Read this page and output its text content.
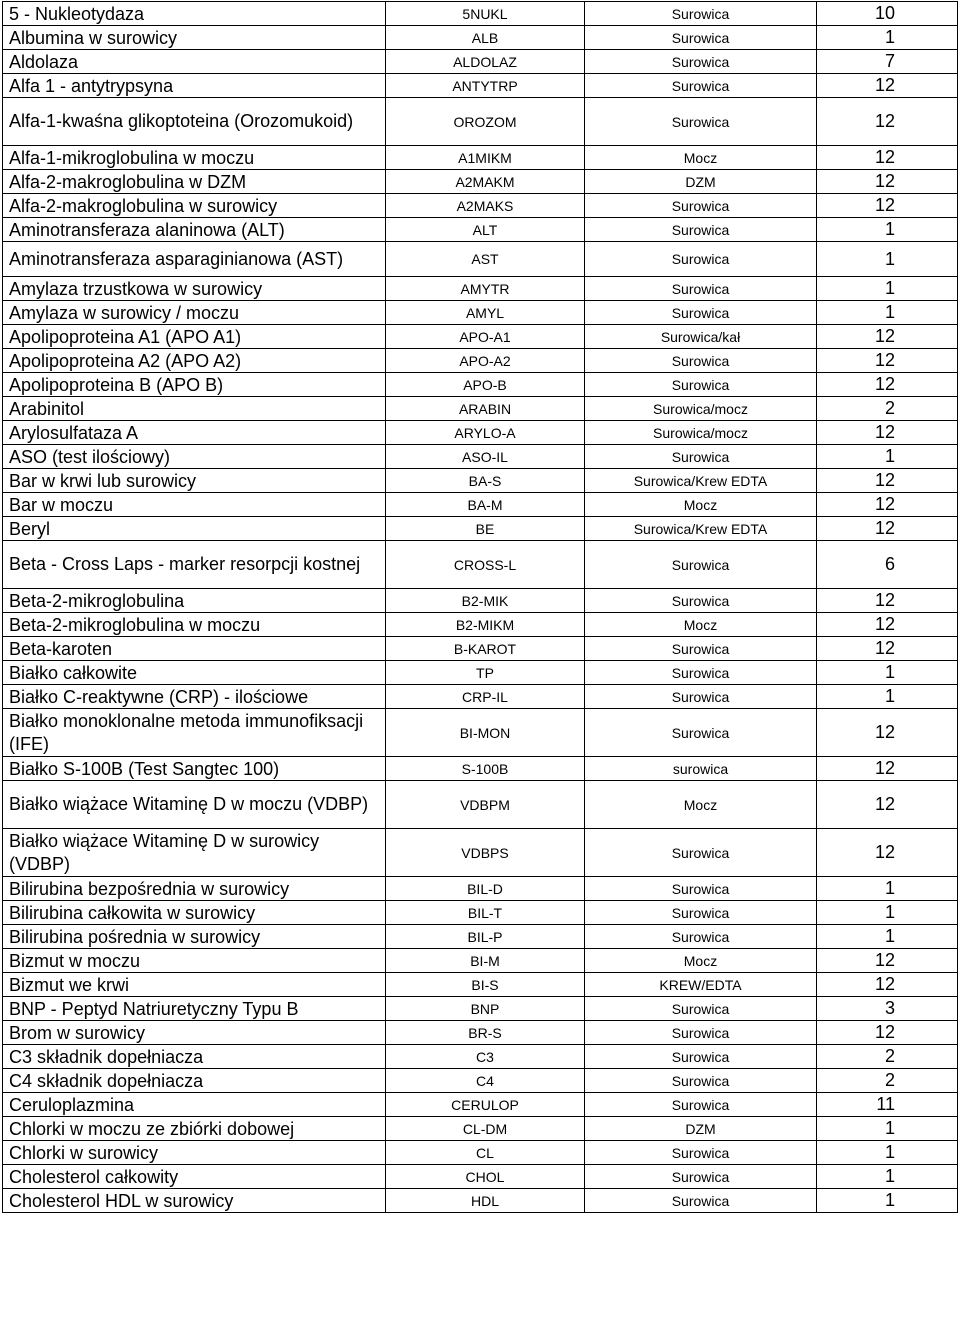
5 - Nukleotydaza	5NUKL	Surowica	10
Albumina w surowicy	ALB	Surowica	1
Aldolaza	ALDOLAZ	Surowica	7
Alfa 1 - antytrypsyna	ANTYTRP	Surowica	12
Alfa-1-kwaśna glikoptoteina (Orozomukoid)	OROZOM	Surowica	12
Alfa-1-mikroglobulina w moczu	A1MIKM	Mocz	12
Alfa-2-makroglobulina w DZM	A2MAKM	DZM	12
Alfa-2-makroglobulina w surowicy	A2MAKS	Surowica	12
Aminotransferaza alaninowa (ALT)	ALT	Surowica	1
Aminotransferaza asparaginianowa (AST)	AST	Surowica	1
Amylaza trzustkowa w surowicy	AMYTR	Surowica	1
Amylaza w surowicy / moczu	AMYL	Surowica	1
Apolipoproteina A1 (APO A1)	APO-A1	Surowica/kał	12
Apolipoproteina A2 (APO A2)	APO-A2	Surowica	12
Apolipoproteina B (APO B)	APO-B	Surowica	12
Arabinitol	ARABIN	Surowica/mocz	2
Arylosulfataza A	ARYLO-A	Surowica/mocz	12
ASO (test ilościowy)	ASO-IL	Surowica	1
Bar w krwi lub surowicy	BA-S	Surowica/Krew EDTA	12
Bar w moczu	BA-M	Mocz	12
Beryl	BE	Surowica/Krew EDTA	12
Beta - Cross Laps - marker resorpcji kostnej	CROSS-L	Surowica	6
Beta-2-mikroglobulina	B2-MIK	Surowica	12
Beta-2-mikroglobulina w moczu	B2-MIKM	Mocz	12
Beta-karoten	B-KAROT	Surowica	12
Białko całkowite	TP	Surowica	1
Białko C-reaktywne (CRP) - ilościowe	CRP-IL	Surowica	1
Białko monoklonalne metoda immunofiksacji (IFE)	BI-MON	Surowica	12
Białko S-100B (Test Sangtec 100)	S-100B	surowica	12
Białko wiążace Witaminę D w moczu (VDBP)	VDBPM	Mocz	12
Białko wiążace Witaminę D w surowicy (VDBP)	VDBPS	Surowica	12
Bilirubina bezpośrednia w surowicy	BIL-D	Surowica	1
Bilirubina całkowita w surowicy	BIL-T	Surowica	1
Bilirubina pośrednia w surowicy	BIL-P	Surowica	1
Bizmut w moczu	BI-M	Mocz	12
Bizmut we krwi	BI-S	KREW/EDTA	12
BNP - Peptyd Natriuretyczny Typu B	BNP	Surowica	3
Brom w surowicy	BR-S	Surowica	12
C3 składnik dopełniacza	C3	Surowica	2
C4 składnik dopełniacza	C4	Surowica	2
Ceruloplazmina	CERULOP	Surowica	11
Chlorki w moczu ze zbiórki dobowej	CL-DM	DZM	1
Chlorki w surowicy	CL	Surowica	1
Cholesterol całkowity	CHOL	Surowica	1
Cholesterol HDL w surowicy	HDL	Surowica	1
